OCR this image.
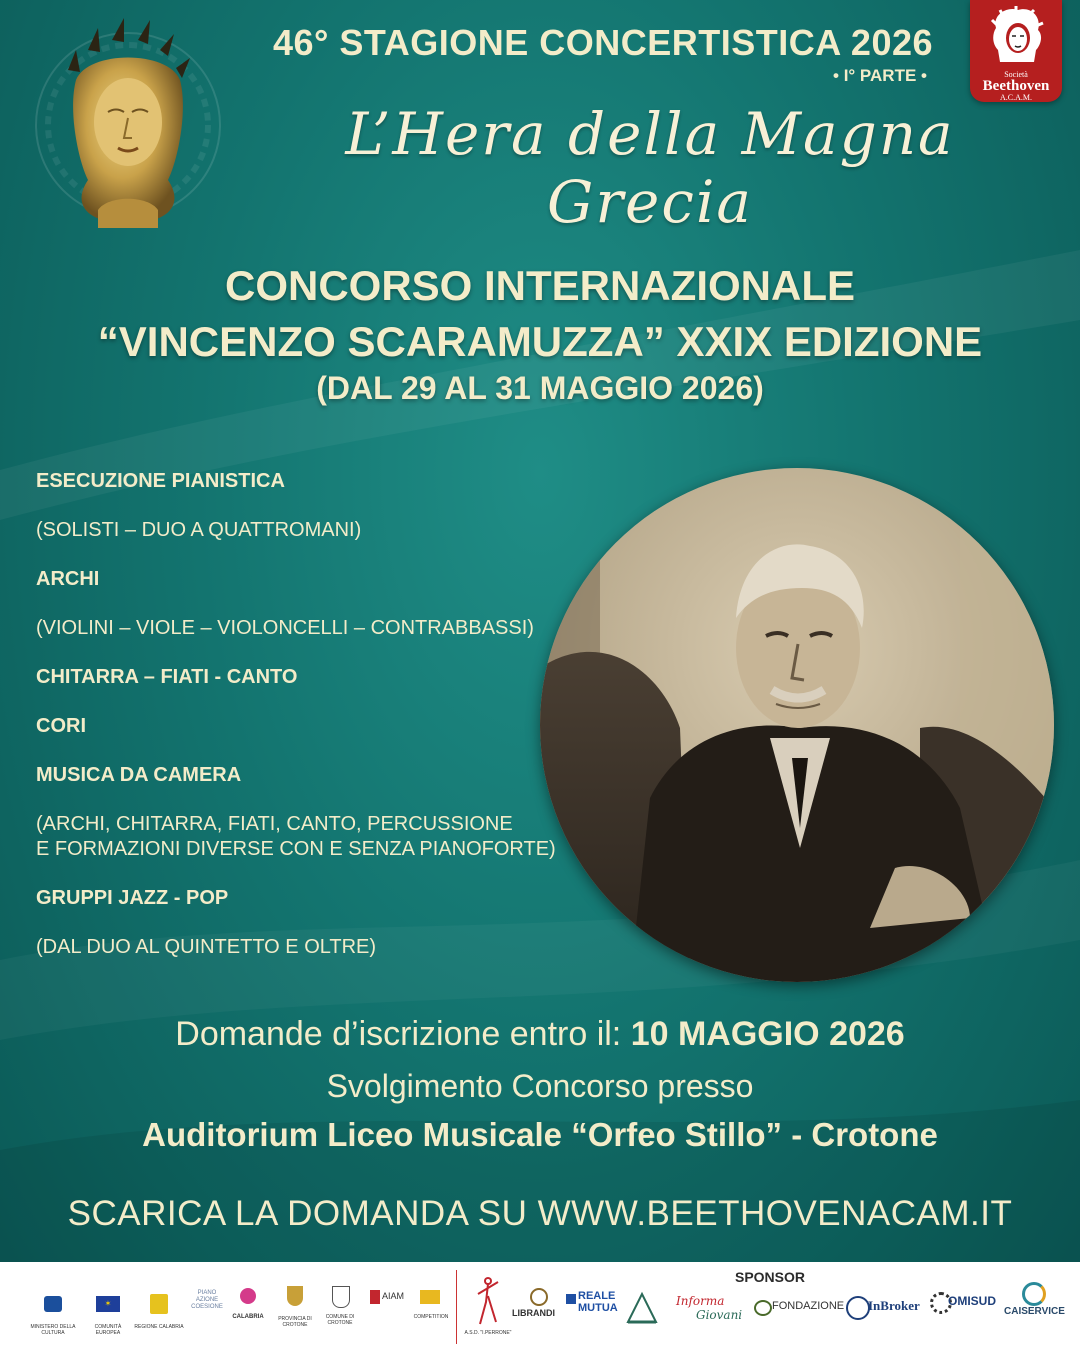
46° STAGIONE CONCERTISTICA 2026
• I° PARTE •	Società
Beethoven
A.C.A.M.
L’Hera della Magna Grecia
CONCORSO INTERNAZIONALE
“VINCENZO SCARAMUZZA” XXIX EDIZIONE
(DAL 29 AL 31 MAGGIO 2026)
ESECUZIONE PIANISTICA
(SOLISTI – DUO A QUATTROMANI)
ARCHI
(VIOLINI – VIOLE – VIOLONCELLI – CONTRABBASSI)
CHITARRA – FIATI - CANTO
CORI
MUSICA DA CAMERA
(ARCHI, CHITARRA, FIATI, CANTO, PERCUSSIONE
E FORMAZIONI DIVERSE CON E SENZA PIANOFORTE)
GRUPPI JAZZ - POP
(DAL DUO AL QUINTETTO E OLTRE)
Domande d’iscrizione entro il: 10 MAGGIO 2026
Svolgimento Concorso presso
Auditorium Liceo Musicale “Orfeo Stillo” - Crotone
SCARICA LA DOMANDA SU WWW.BEETHOVENACAM.IT
SPONSOR
MINISTERO DELLA CULTURA
✶
COMUNITÀ EUROPEA
REGIONE CALABRIA
PIANO AZIONE COESIONE
CALABRIA	PROVINCIA DI CROTONE
COMUNE DI CROTONE
AIAM
COMPETITION
A.S.D. "I.PERRONE"
LIBRANDI
REALE
MUTUA	Informa
Giovani
FONDAZIONE InBroker OMISUD
CAISERVICE
